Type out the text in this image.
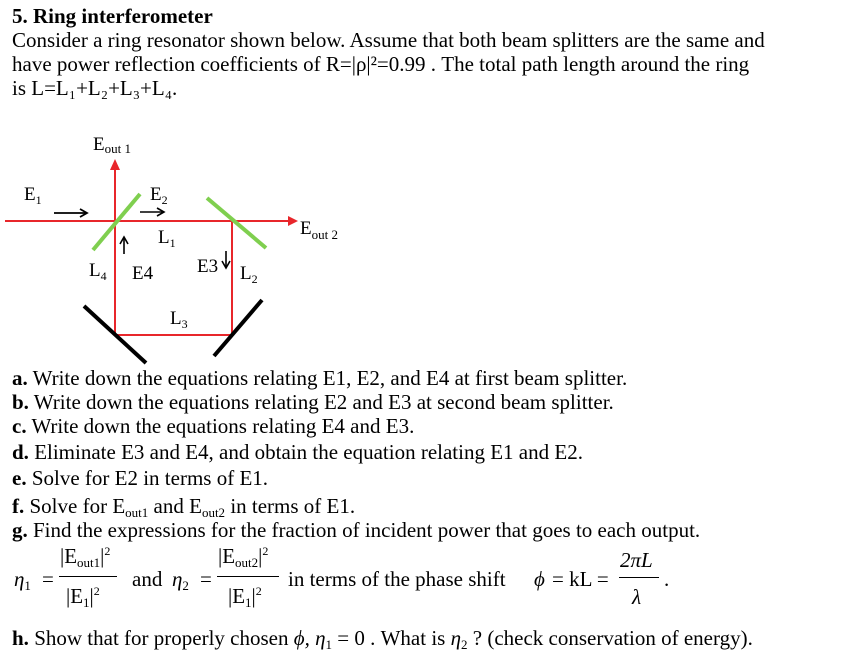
5. Ring interferometer
Consider a ring resonator shown below. Assume that both beam splitters are the same and
have power reflection coefficients of R=|ρ|²=0.99 . The total path length around the ring
is L=L₁+L₂+L₃+L₄.
Eout 1
$E_{out 2}$
$E_1$	$E_2$
$L_1$
$L_4$ E4 E3 $L_2$
$L_3$
a. Write down the equations relating E1, E2, and E4 at first beam splitter.
b. Write down the equations relating E2 and E3 at second beam splitter.
c. Write down the equations relating E4 and E3.
d. Eliminate E3 and E4, and obtain the equation relating E1 and E2.
e. Solve for E2 in terms of E1.
f. Solve for $E_{out1}$ and $E_{out2}$ in terms of E1.
g. Find the expressions for the fraction of incident power that goes to each output.
$\eta_1$ =
$|E_{out1}|^2$
$|E_1|^2$ and $\eta_2$ =
$|E_{out2}|^2$
$|E_1|^2$ in terms of the phase shift ϕ = kL =
2πL
λ
.
h. Show that for properly chosen ϕ, $\eta_1 = 0$ . What is $\eta_2$ ? (check conservation of energy).
